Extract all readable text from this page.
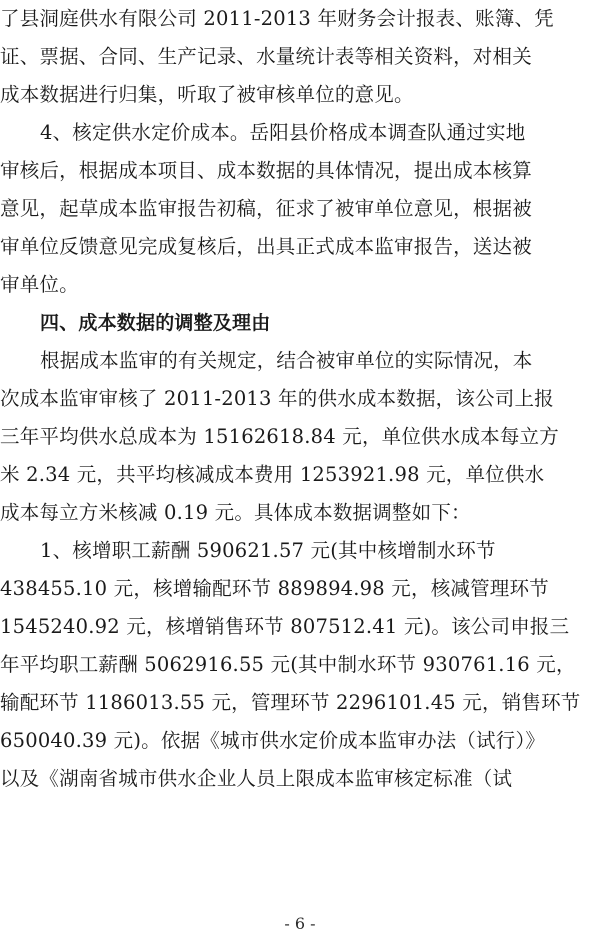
了县洞庭供水有限公司 2011-2013 年财务会计报表、账簿、凭
证、票据、合同、生产记录、水量统计表等相关资料，对相关
成本数据进行归集，听取了被审核单位的意见。
4、核定供水定价成本。岳阳县价格成本调查队通过实地
审核后，根据成本项目、成本数据的具体情况，提出成本核算
意见，起草成本监审报告初稿，征求了被审单位意见，根据被
审单位反馈意见完成复核后，出具正式成本监审报告，送达被
审单位。
四、成本数据的调整及理由
根据成本监审的有关规定，结合被审单位的实际情况，本
次成本监审审核了 2011-2013 年的供水成本数据，该公司上报
三年平均供水总成本为 15162618.84 元，单位供水成本每立方
米 2.34 元，共平均核减成本费用 1253921.98 元，单位供水
成本每立方米核减 0.19 元。具体成本数据调整如下：
1、核增职工薪酬 590621.57 元(其中核增制水环节
438455.10 元，核增输配环节 889894.98 元，核减管理环节
1545240.92 元，核增销售环节 807512.41 元)。该公司申报三
年平均职工薪酬 5062916.55 元(其中制水环节 930761.16 元，
输配环节 1186013.55 元，管理环节 2296101.45 元，销售环节
650040.39 元)。依据《城市供水定价成本监审办法（试行）》
以及《湖南省城市供水企业人员上限成本监审核定标准（试
- 6 -
